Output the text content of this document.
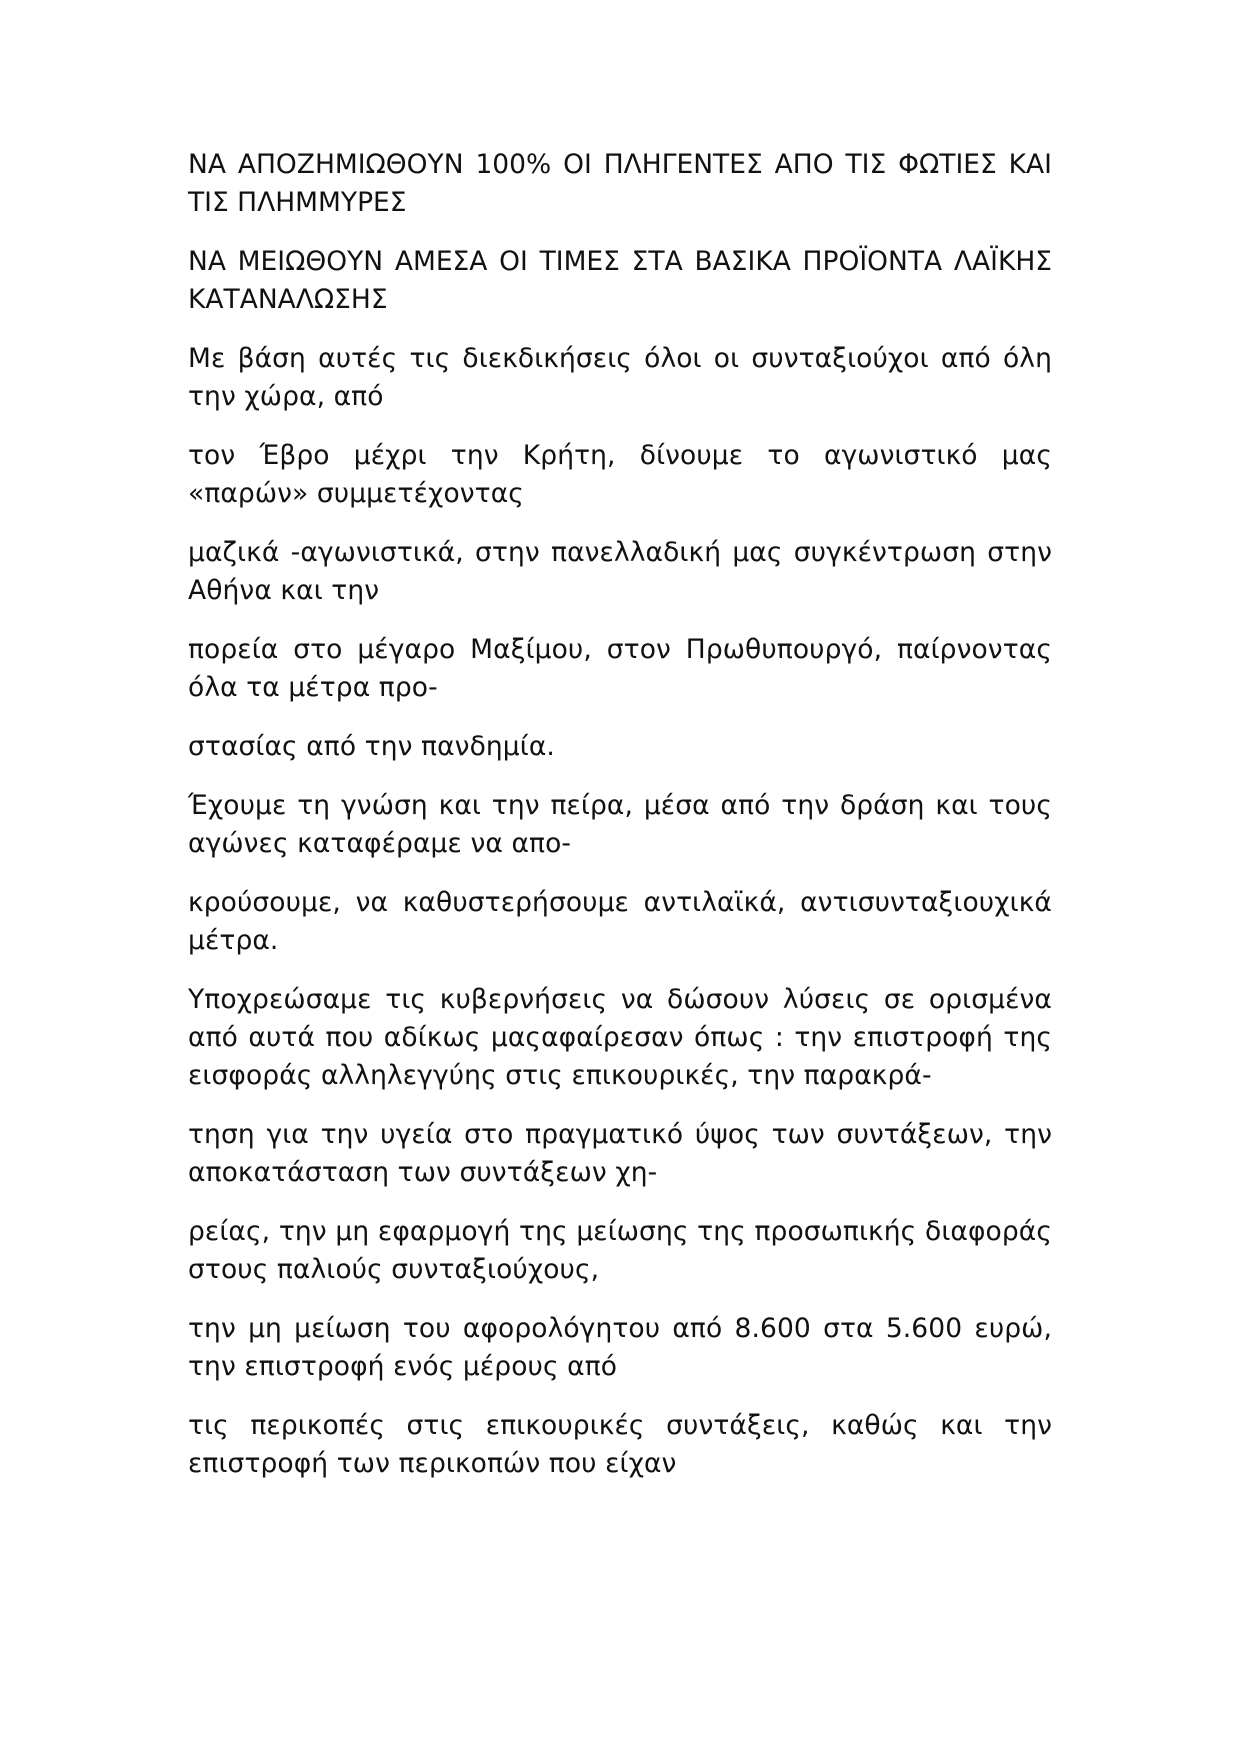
ΝΑ ΑΠΟΖΗΜΙΩΘΟΥΝ 100% ΟΙ ΠΛΗΓΕΝΤΕΣ ΑΠΟ ΤΙΣ ΦΩΤΙΕΣ ΚΑΙ ΤΙΣ ΠΛΗΜΜΥΡΕΣ

ΝΑ ΜΕΙΩΘΟΥΝ ΑΜΕΣΑ ΟΙ ΤΙΜΕΣ ΣΤΑ ΒΑΣΙΚΑ ΠΡΟΪΟΝΤΑ ΛΑΪΚΗΣ ΚΑΤΑΝΑΛΩΣΗΣ

Με βάση αυτές τις διεκδικήσεις όλοι οι συνταξιούχοι από όλη την χώρα, από

τον Έβρο μέχρι την Κρήτη, δίνουμε το αγωνιστικό μας «παρών» συμμετέχοντας

μαζικά -αγωνιστικά, στην πανελλαδική μας συγκέντρωση στην Αθήνα και την

πορεία στο μέγαρο Μαξίμου, στον Πρωθυπουργό, παίρνοντας όλα τα μέτρα προ-

στασίας από την πανδημία.

Έχουμε τη γνώση και την πείρα, μέσα από την δράση και τους αγώνες καταφέραμε να απο-

κρούσουμε, να καθυστερήσουμε αντιλαϊκά, αντισυνταξιουχικά μέτρα.

Υποχρεώσαμε τις κυβερνήσεις να δώσουν λύσεις σε ορισμένα από αυτά που αδίκως μαςαφαίρεσαν όπως : την επιστροφή της εισφοράς αλληλεγγύης στις επικουρικές, την παρακρά-

τηση για την υγεία στο πραγματικό ύψος των συντάξεων, την αποκατάσταση των συντάξεων χη-

ρείας, την μη εφαρμογή της μείωσης της προσωπικής διαφοράς στους παλιούς συνταξιούχους,

την μη μείωση του αφορολόγητου από 8.600 στα 5.600 ευρώ, την επιστροφή ενός μέρους από

τις περικοπές στις επικουρικές συντάξεις, καθώς και την επιστροφή των περικοπών που είχαν
